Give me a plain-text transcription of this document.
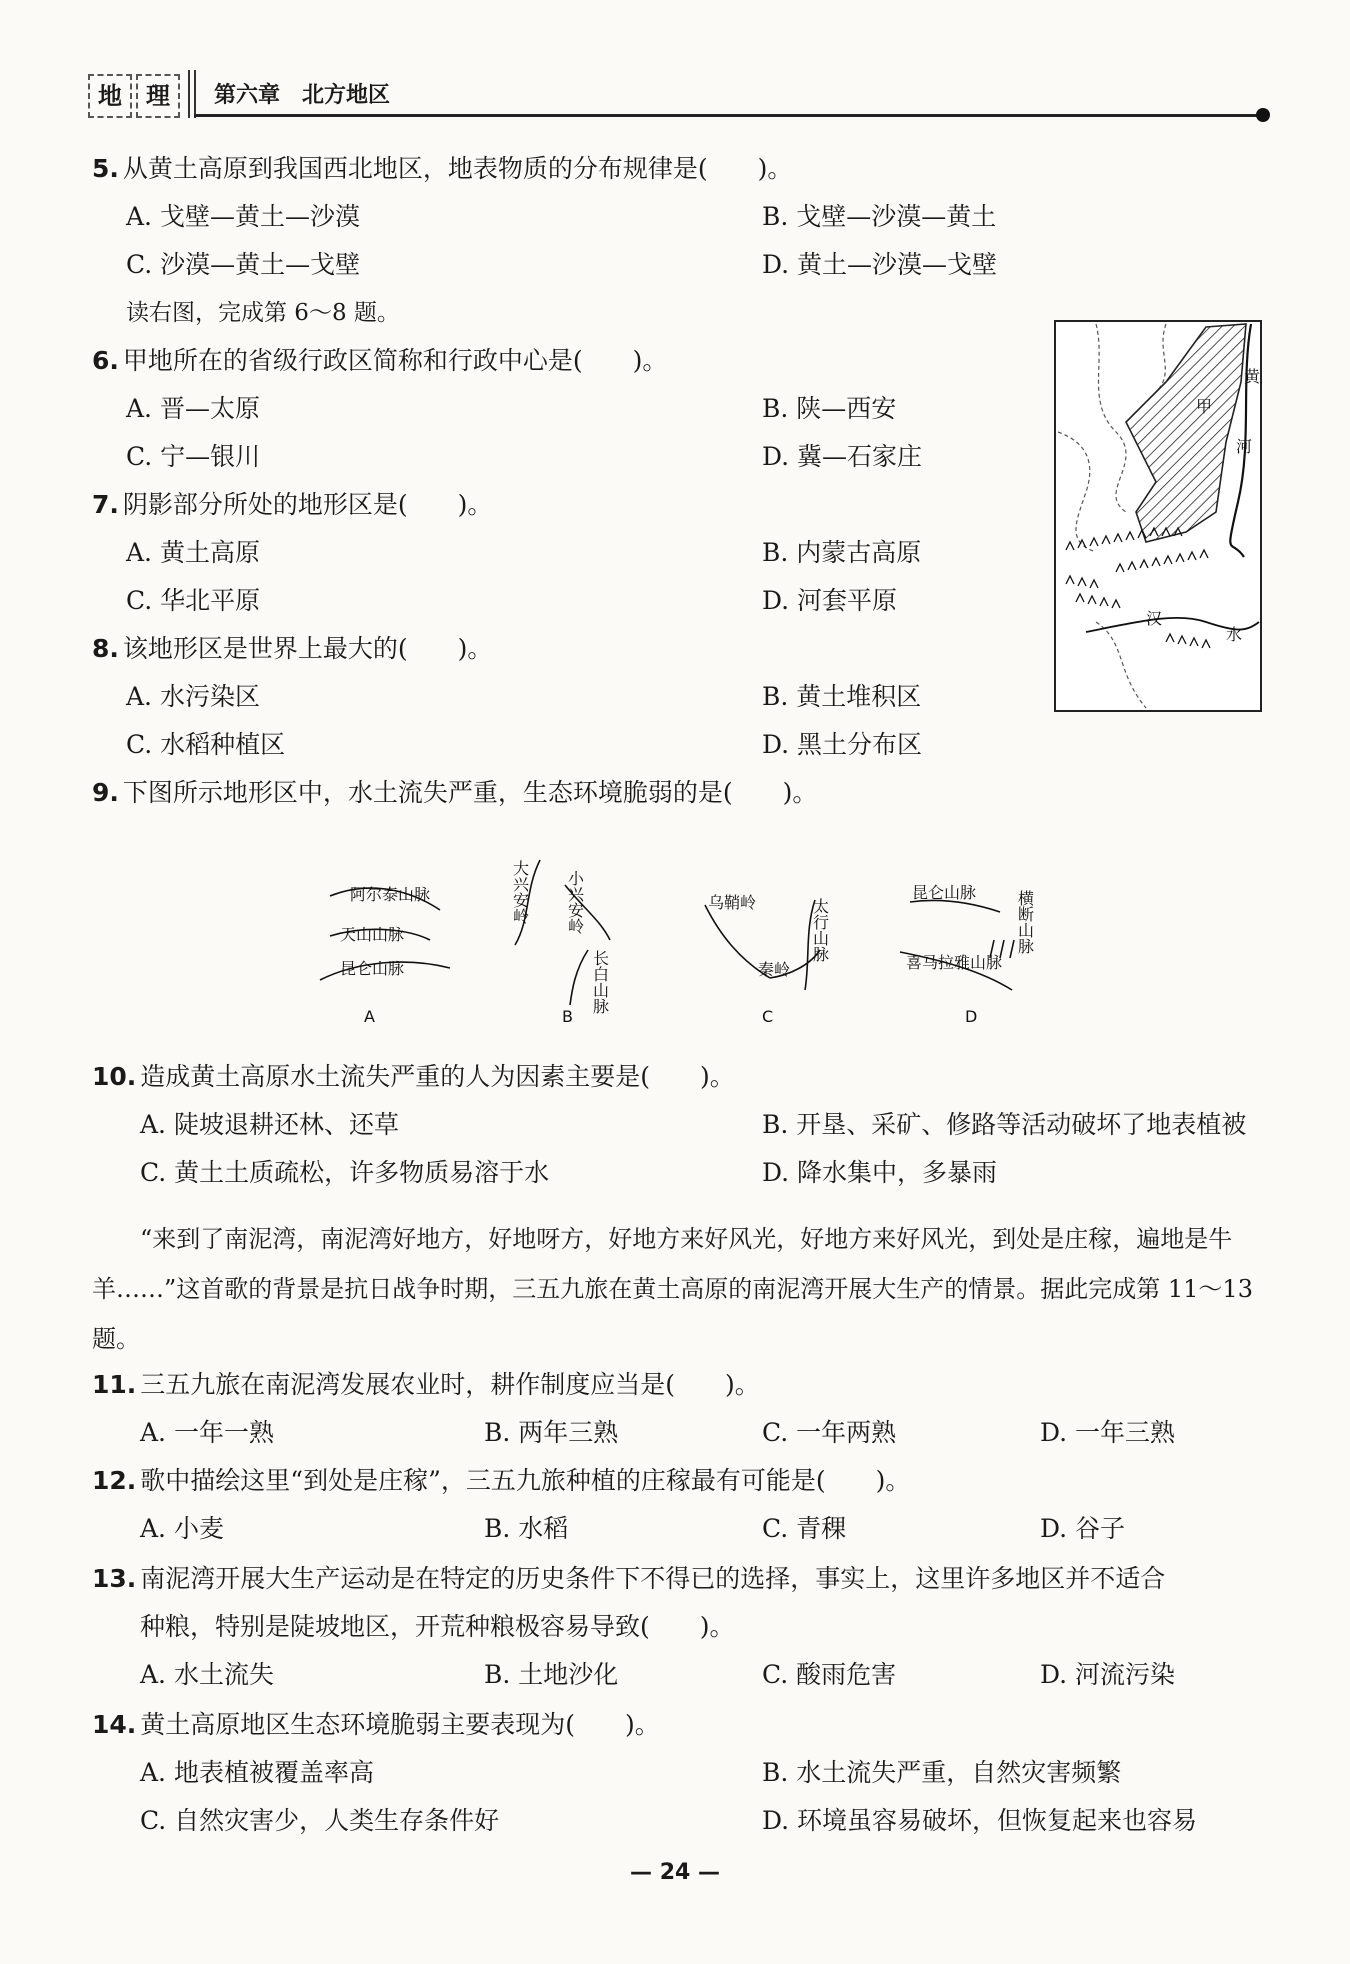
地	理	第六章　北方地区
5. 从黄土高原到我国西北地区，地表物质的分布规律是(　　)。
A. 戈壁—黄土—沙漠	B. 戈壁—沙漠—黄土
C. 沙漠—黄土—戈壁	D. 黄土—沙漠—戈壁
读右图，完成第 6～8 题。
6. 甲地所在的省级行政区简称和行政中心是(　　)。
A. 晋—太原	B. 陕—西安
C. 宁—银川	D. 冀—石家庄
7. 阴影部分所处的地形区是(　　)。
A. 黄土高原	B. 内蒙古高原
C. 华北平原	D. 河套平原
8. 该地形区是世界上最大的(　　)。
A. 水污染区	B. 黄土堆积区
C. 水稻种植区	D. 黑土分布区
黄
甲
河
汉
水
9. 下图所示地形区中，水土流失严重，生态环境脆弱的是(　　)。
阿尔泰山脉
天山山脉
昆仑山脉
A
大兴安岭 小兴安岭
长白山脉
B
乌鞘岭
秦岭
太行山脉
C
昆仑山脉
喜马拉雅山脉
横断山脉
D
10. 造成黄土高原水土流失严重的人为因素主要是(　　)。
A. 陡坡退耕还林、还草	B. 开垦、采矿、修路等活动破坏了地表植被
C. 黄土土质疏松，许多物质易溶于水	D. 降水集中，多暴雨
“来到了南泥湾，南泥湾好地方，好地呀方，好地方来好风光，好地方来好风光，到处是庄稼，遍地是牛羊……”这首歌的背景是抗日战争时期，三五九旅在黄土高原的南泥湾开展大生产的情景。据此完成第 11～13 题。
11. 三五九旅在南泥湾发展农业时，耕作制度应当是(　　)。
A. 一年一熟	B. 两年三熟	C. 一年两熟	D. 一年三熟
12. 歌中描绘这里“到处是庄稼”，三五九旅种植的庄稼最有可能是(　　)。
A. 小麦	B. 水稻	C. 青稞	D. 谷子
13. 南泥湾开展大生产运动是在特定的历史条件下不得已的选择，事实上，这里许多地区并不适合
种粮，特别是陡坡地区，开荒种粮极容易导致(　　)。
A. 水土流失	B. 土地沙化	C. 酸雨危害	D. 河流污染
14. 黄土高原地区生态环境脆弱主要表现为(　　)。
A. 地表植被覆盖率高	B. 水土流失严重，自然灾害频繁
C. 自然灾害少，人类生存条件好	D. 环境虽容易破坏，但恢复起来也容易
— 24 —
